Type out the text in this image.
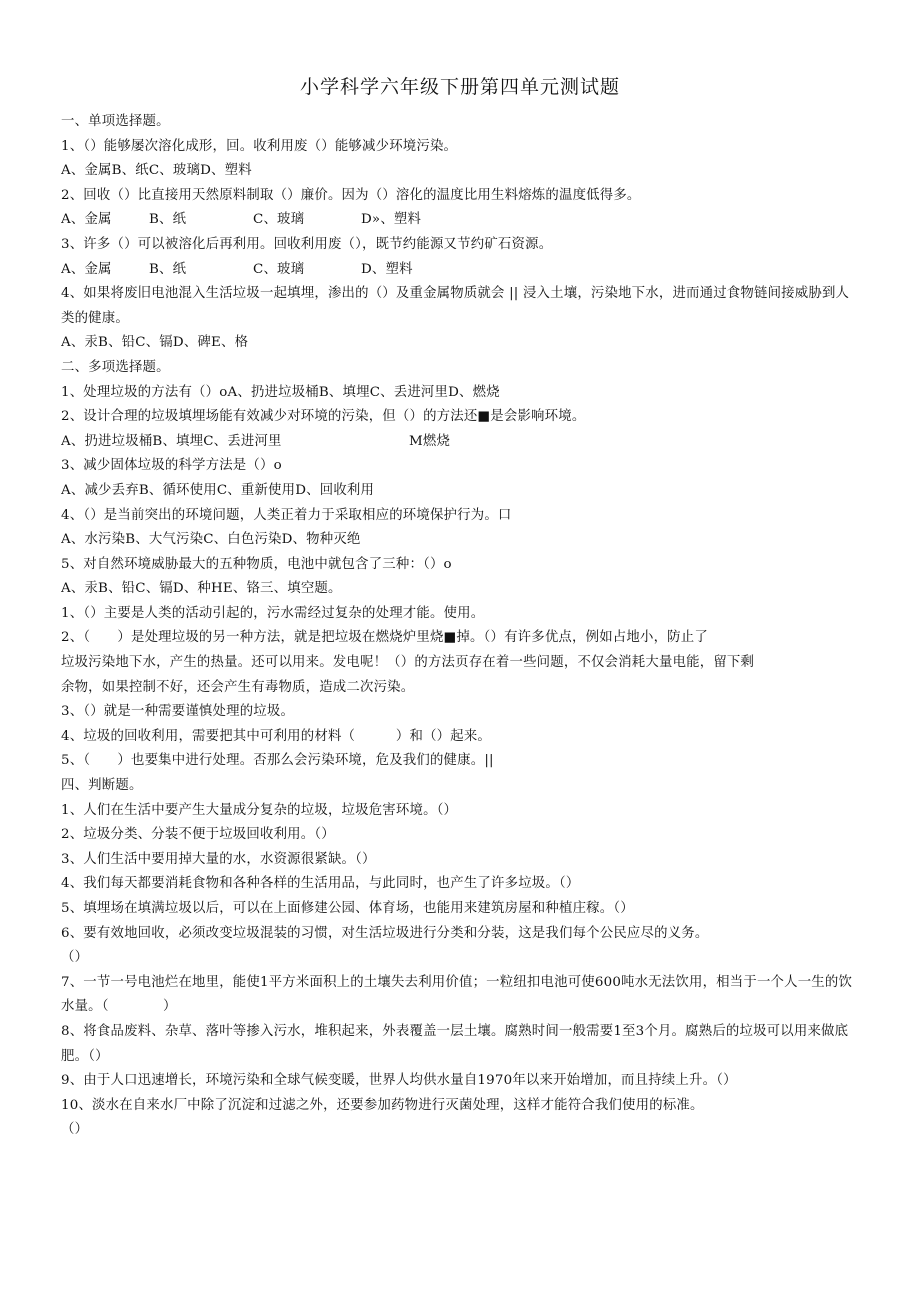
小学科学六年级下册第四单元测试题
一、单项选择题。
1、（）能够屡次溶化成形，回。收利用废（）能够减少环境污染。
A、金属B、纸C、玻璃D、塑料
2、回收（）比直接用天然原料制取（）廉价。因为（）溶化的温度比用生料熔炼的温度低得多。
A、金属	B、纸	C、玻璃	D»、塑料
3、许多（）可以被溶化后再利用。回收利用废（），既节约能源又节约矿石资源。
A、金属	B、纸	C、玻璃	D、塑料
4、如果将废旧电池混入生活垃圾一起填埋，渗出的（）及重金属物质就会 || 浸入土壤，污染地下水，进而通过食物链间接威胁到人类的健康。
A、汞B、铅C、镉D、碑E、格
二、多项选择题。
1、处理垃圾的方法有（）oA、扔进垃圾桶B、填埋C、丢进河里D、燃烧
2、设计合理的垃圾填埋场能有效减少对环境的污染，但（）的方法还■是会影响环境。
A、扔进垃圾桶B、填埋C、丢进河里	M燃烧
3、减少固体垃圾的科学方法是（）o
A、减少丢弃B、循环使用C、重新使用D、回收利用
4、（）是当前突出的环境问题，人类正着力于采取相应的环境保护行为。口
A、水污染B、大气污染C、白色污染D、物种灭绝
5、对自然环境威胁最大的五种物质，电池中就包含了三种：（）o
A、汞B、铅C、镉D、种HE、铬三、填空题。
1、（）主要是人类的活动引起的，污水需经过复杂的处理才能。使用。
2、（　　）是处理垃圾的另一种方法，就是把垃圾在燃烧炉里烧■掉。（）有许多优点，例如占地小，防止了
垃圾污染地下水，产生的热量。还可以用来。发电呢！（）的方法页存在着一些问题，不仅会消耗大量电能，留下剩
余物，如果控制不好，还会产生有毒物质，造成二次污染。
3、（）就是一种需要谨慎处理的垃圾。
4、垃圾的回收利用，需要把其中可利用的材料（　　　）和（）起来。
5、（　　）也要集中进行处理。否那么会污染环境，危及我们的健康。||
四、判断题。
1、人们在生活中要产生大量成分复杂的垃圾，垃圾危害环境。（）
2、垃圾分类、分装不便于垃圾回收利用。（）
3、人们生活中要用掉大量的水，水资源很紧缺。（）
4、我们每天都要消耗食物和各种各样的生活用品，与此同时，也产生了许多垃圾。（）
5、填埋场在填满垃圾以后，可以在上面修建公园、体育场，也能用来建筑房屋和种植庄稼。（）
6、要有效地回收，必须改变垃圾混装的习惯，对生活垃圾进行分类和分装，这是我们每个公民应尽的义务。
（）
7、一节一号电池烂在地里，能使1平方米面积上的土壤失去利用价值；一粒纽扣电池可使600吨水无法饮用，相当于一个人一生的饮水量。（　　　　）
8、将食品废料、杂草、落叶等掺入污水，堆积起来，外表覆盖一层土壤。腐熟时间一般需要1至3个月。腐熟后的垃圾可以用来做底肥。（）
9、由于人口迅速增长，环境污染和全球气候变暖，世界人均供水量自1970年以来开始增加，而且持续上升。（）
10、淡水在自来水厂中除了沉淀和过滤之外，还要参加药物进行灭菌处理，这样才能符合我们使用的标准。
（）
